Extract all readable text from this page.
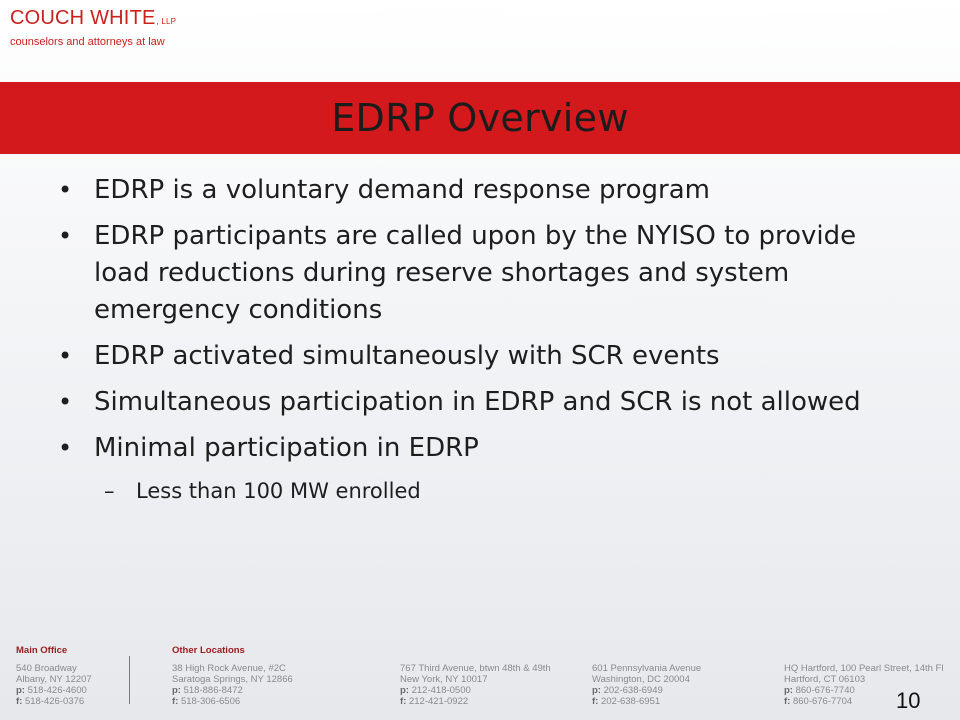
COUCH WHITE, LLP
counselors and attorneys at law
EDRP Overview
• EDRP is a voluntary demand response program
• EDRP participants are called upon by the NYISO to provide load reductions during reserve shortages and system emergency conditions
• EDRP activated simultaneously with SCR events
• Simultaneous participation in EDRP and SCR is not allowed
• Minimal participation in EDRP
– Less than 100 MW enrolled
Main Office	Other Locations
540 Broadway
Albany, NY 12207
p: 518-426-4600
f: 518-426-0376
38 High Rock Avenue, #2C
Saratoga Springs, NY 12866
p: 518-886-8472
f: 518-306-6506
767 Third Avenue, btwn 48th & 49th
New York, NY 10017
p: 212-418-0500
f: 212-421-0922
601 Pennsylvania Avenue
Washington, DC 20004
p: 202-638-6949
f: 202-638-6951
HQ Hartford, 100 Pearl Street, 14th Fl
Hartford, CT 06103
p: 860-676-7740
f: 860-676-7704	10
